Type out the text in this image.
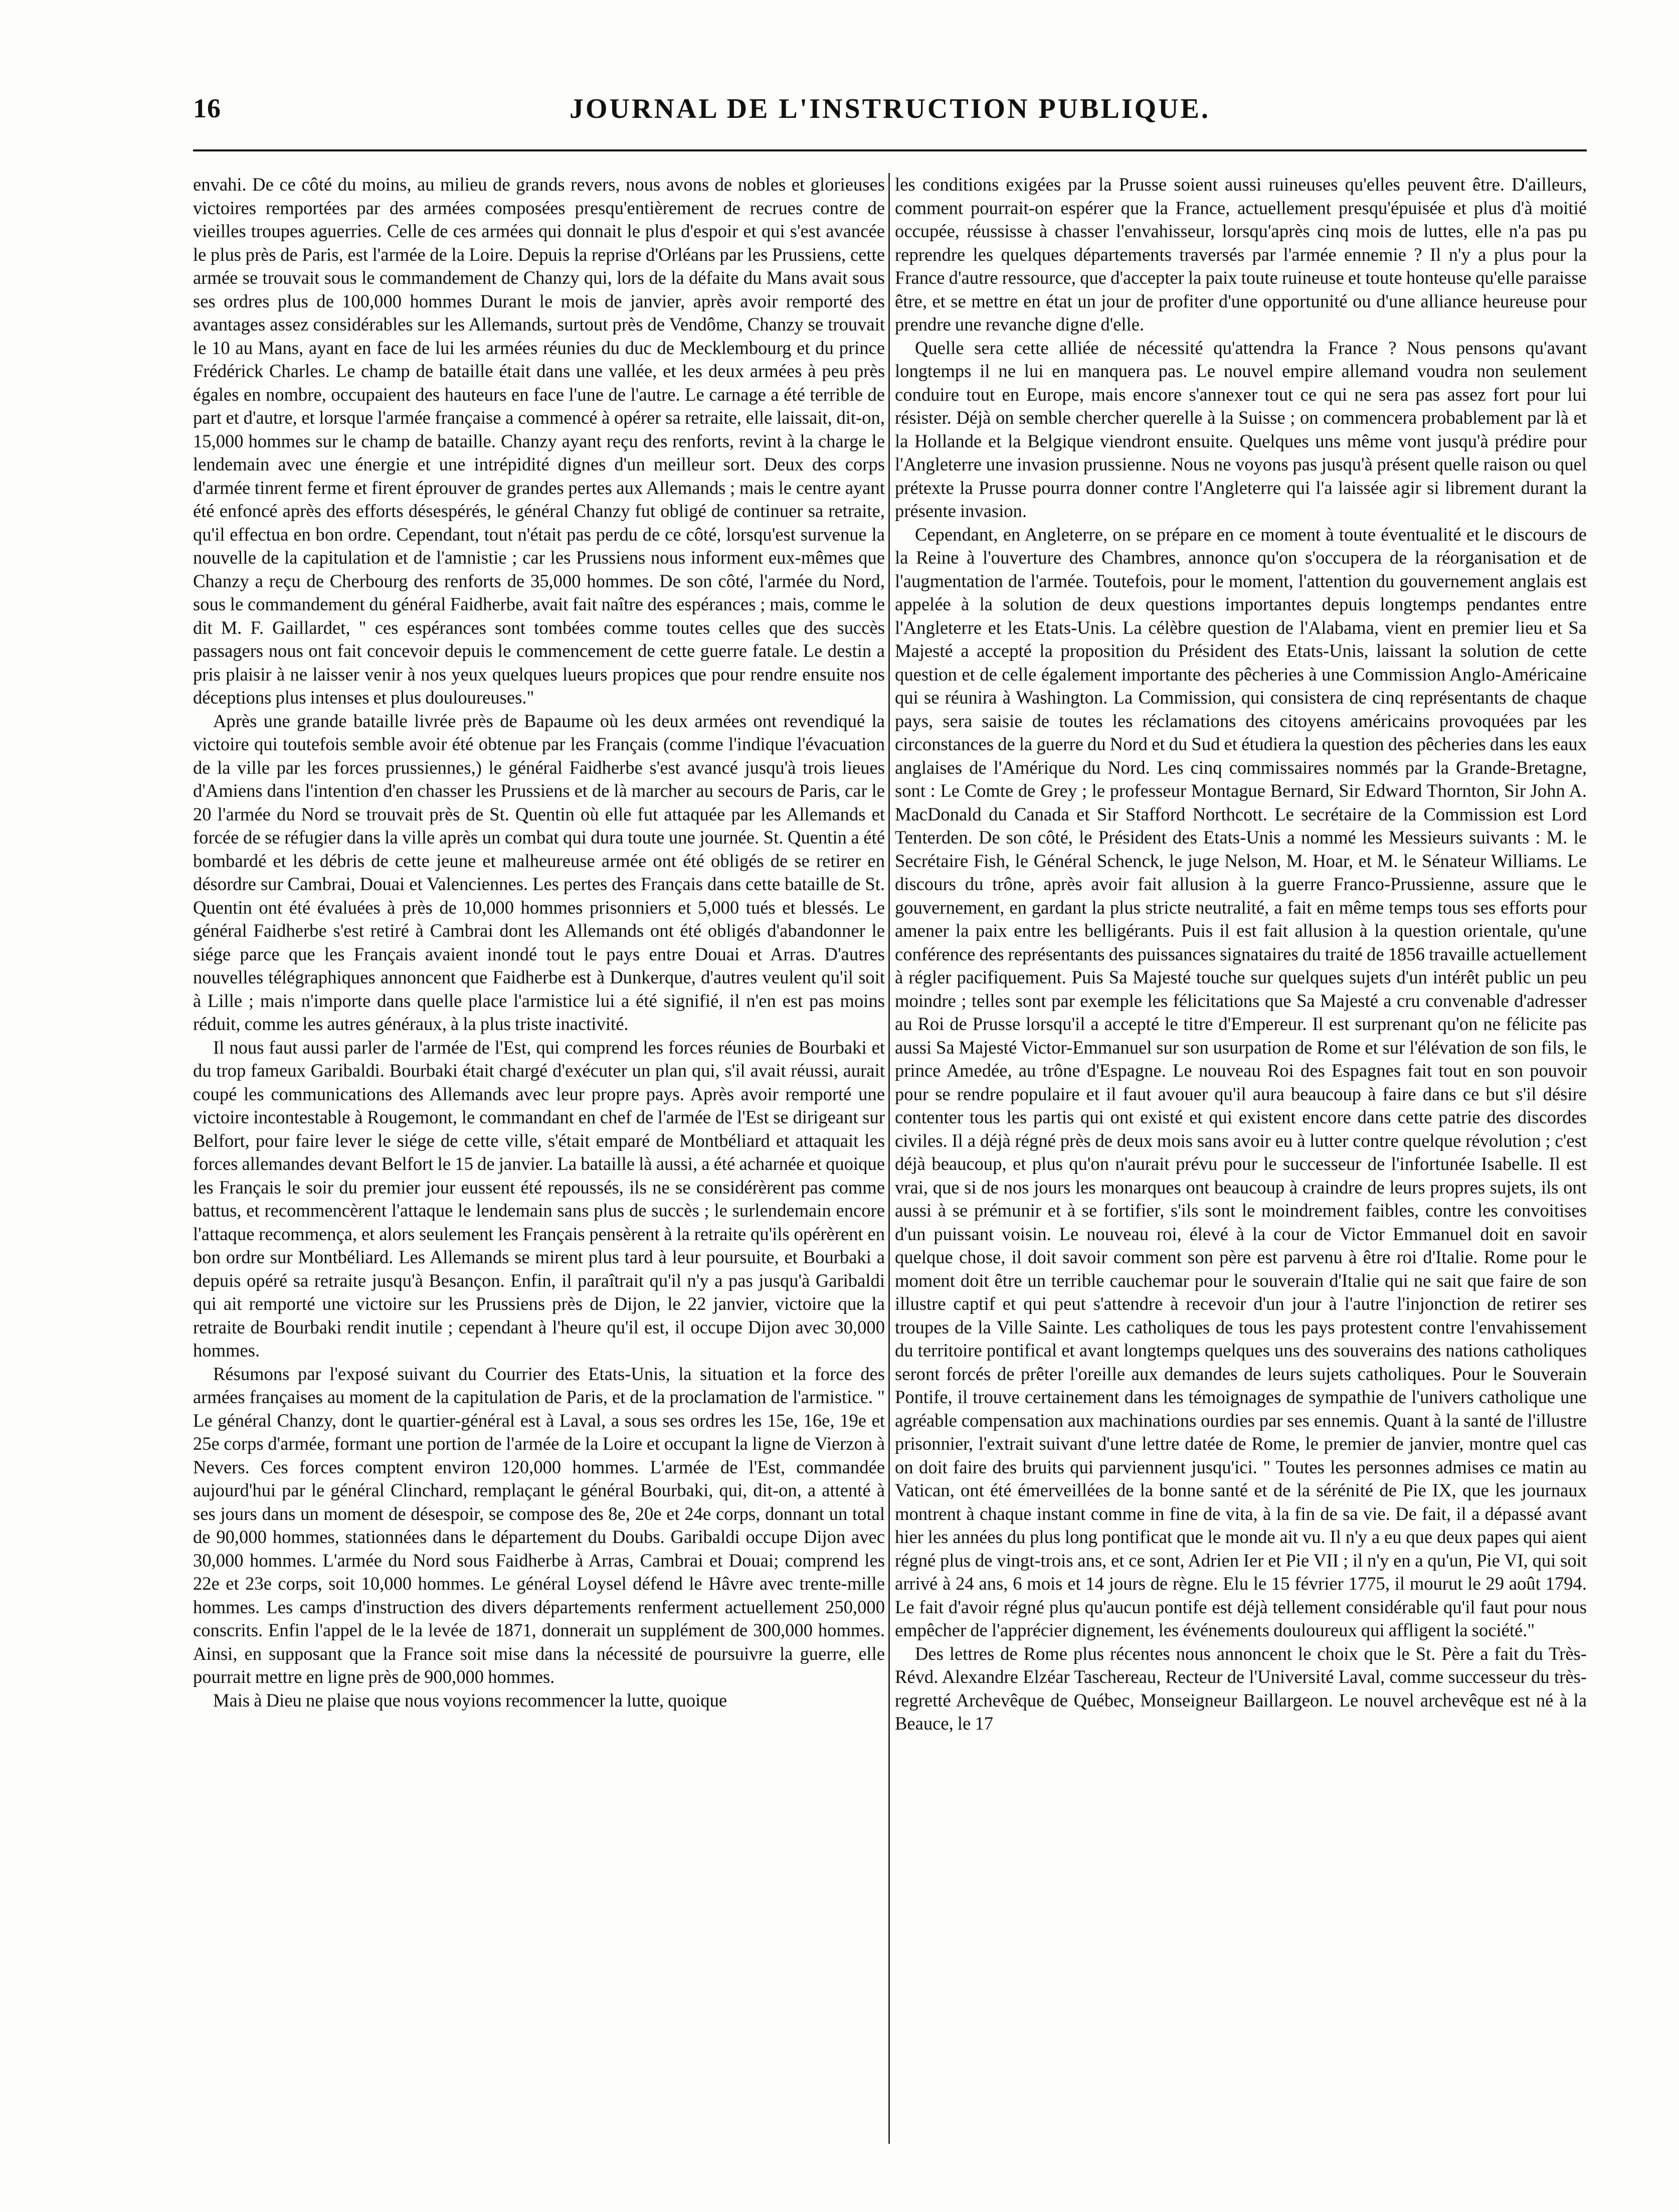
16	JOURNAL DE L'INSTRUCTION PUBLIQUE.

envahi. De ce côté du moins, au milieu de grands revers, nous avons de nobles et glorieuses victoires remportées par des armées composées presqu'entièrement de recrues contre de vieilles troupes aguerries. Celle de ces armées qui donnait le plus d'espoir et qui s'est avancée le plus près de Paris, est l'armée de la Loire. Depuis la reprise d'Orléans par les Prussiens, cette armée se trouvait sous le commandement de Chanzy qui, lors de la défaite du Mans avait sous ses ordres plus de 100,000 hommes Durant le mois de janvier, après avoir remporté des avantages assez considérables sur les Allemands, surtout près de Vendôme, Chanzy se trouvait le 10 au Mans, ayant en face de lui les armées réunies du duc de Mecklembourg et du prince Frédérick Charles. Le champ de bataille était dans une vallée, et les deux armées à peu près égales en nombre, occupaient des hauteurs en face l'une de l'autre. Le carnage a été terrible de part et d'autre, et lorsque l'armée française a commencé à opérer sa retraite, elle laissait, dit-on, 15,000 hommes sur le champ de bataille. Chanzy ayant reçu des renforts, revint à la charge le lendemain avec une énergie et une intrépidité dignes d'un meilleur sort. Deux des corps d'armée tinrent ferme et firent éprouver de grandes pertes aux Allemands ; mais le centre ayant été enfoncé après des efforts désespérés, le général Chanzy fut obligé de continuer sa retraite, qu'il effectua en bon ordre. Cependant, tout n'était pas perdu de ce côté, lorsqu'est survenue la nouvelle de la capitulation et de l'amnistie ; car les Prussiens nous informent eux-mêmes que Chanzy a reçu de Cherbourg des renforts de 35,000 hommes. De son côté, l'armée du Nord, sous le commandement du général Faidherbe, avait fait naître des espérances ; mais, comme le dit M. F. Gaillardet, " ces espérances sont tombées comme toutes celles que des succès passagers nous ont fait concevoir depuis le commencement de cette guerre fatale. Le destin a pris plaisir à ne laisser venir à nos yeux quelques lueurs propices que pour rendre ensuite nos déceptions plus intenses et plus douloureuses."

Après une grande bataille livrée près de Bapaume où les deux armées ont revendiqué la victoire qui toutefois semble avoir été obtenue par les Français (comme l'indique l'évacuation de la ville par les forces prussiennes,) le général Faidherbe s'est avancé jusqu'à trois lieues d'Amiens dans l'intention d'en chasser les Prussiens et de là marcher au secours de Paris, car le 20 l'armée du Nord se trouvait près de St. Quentin où elle fut attaquée par les Allemands et forcée de se réfugier dans la ville après un combat qui dura toute une journée. St. Quentin a été bombardé et les débris de cette jeune et malheureuse armée ont été obligés de se retirer en désordre sur Cambrai, Douai et Valenciennes. Les pertes des Français dans cette bataille de St. Quentin ont été évaluées à près de 10,000 hommes prisonniers et 5,000 tués et blessés. Le général Faidherbe s'est retiré à Cambrai dont les Allemands ont été obligés d'abandonner le siége parce que les Français avaient inondé tout le pays entre Douai et Arras. D'autres nouvelles télégraphiques annoncent que Faidherbe est à Dunkerque, d'autres veulent qu'il soit à Lille ; mais n'importe dans quelle place l'armistice lui a été signifié, il n'en est pas moins réduit, comme les autres généraux, à la plus triste inactivité.

Il nous faut aussi parler de l'armée de l'Est, qui comprend les forces réunies de Bourbaki et du trop fameux Garibaldi. Bourbaki était chargé d'exécuter un plan qui, s'il avait réussi, aurait coupé les communications des Allemands avec leur propre pays. Après avoir remporté une victoire incontestable à Rougemont, le commandant en chef de l'armée de l'Est se dirigeant sur Belfort, pour faire lever le siége de cette ville, s'était emparé de Montbéliard et attaquait les forces allemandes devant Belfort le 15 de janvier. La bataille là aussi, a été acharnée et quoique les Français le soir du premier jour eussent été repoussés, ils ne se considérèrent pas comme battus, et recommencèrent l'attaque le lendemain sans plus de succès ; le surlendemain encore l'attaque recommença, et alors seulement les Français pensèrent à la retraite qu'ils opérèrent en bon ordre sur Montbéliard. Les Allemands se mirent plus tard à leur poursuite, et Bourbaki a depuis opéré sa retraite jusqu'à Besançon. Enfin, il paraîtrait qu'il n'y a pas jusqu'à Garibaldi qui ait remporté une victoire sur les Prussiens près de Dijon, le 22 janvier, victoire que la retraite de Bourbaki rendit inutile ; cependant à l'heure qu'il est, il occupe Dijon avec 30,000 hommes.

Résumons par l'exposé suivant du Courrier des Etats-Unis, la situation et la force des armées françaises au moment de la capitulation de Paris, et de la proclamation de l'armistice. " Le général Chanzy, dont le quartier-général est à Laval, a sous ses ordres les 15e, 16e, 19e et 25e corps d'armée, formant une portion de l'armée de la Loire et occupant la ligne de Vierzon à Nevers. Ces forces comptent environ 120,000 hommes. L'armée de l'Est, commandée aujourd'hui par le général Clinchard, remplaçant le général Bourbaki, qui, dit-on, a attenté à ses jours dans un moment de désespoir, se compose des 8e, 20e et 24e corps, donnant un total de 90,000 hommes, stationnées dans le département du Doubs. Garibaldi occupe Dijon avec 30,000 hommes. L'armée du Nord sous Faidherbe à Arras, Cambrai et Douai; comprend les 22e et 23e corps, soit 10,000 hommes. Le général Loysel défend le Hâvre avec trente-mille hommes. Les camps d'instruction des divers départements renferment actuellement 250,000 conscrits. Enfin l'appel de le la levée de 1871, donnerait un supplément de 300,000 hommes. Ainsi, en supposant que la France soit mise dans la nécessité de poursuivre la guerre, elle pourrait mettre en ligne près de 900,000 hommes.

Mais à Dieu ne plaise que nous voyions recommencer la lutte, quoique

les conditions exigées par la Prusse soient aussi ruineuses qu'elles peuvent être. D'ailleurs, comment pourrait-on espérer que la France, actuellement presqu'épuisée et plus d'à moitié occupée, réussisse à chasser l'envahisseur, lorsqu'après cinq mois de luttes, elle n'a pas pu reprendre les quelques départements traversés par l'armée ennemie ? Il n'y a plus pour la France d'autre ressource, que d'accepter la paix toute ruineuse et toute honteuse qu'elle paraisse être, et se mettre en état un jour de profiter d'une opportunité ou d'une alliance heureuse pour prendre une revanche digne d'elle.

Quelle sera cette alliée de nécessité qu'attendra la France ? Nous pensons qu'avant longtemps il ne lui en manquera pas. Le nouvel empire allemand voudra non seulement conduire tout en Europe, mais encore s'annexer tout ce qui ne sera pas assez fort pour lui résister. Déjà on semble chercher querelle à la Suisse ; on commencera probablement par là et la Hollande et la Belgique viendront ensuite. Quelques uns même vont jusqu'à prédire pour l'Angleterre une invasion prussienne. Nous ne voyons pas jusqu'à présent quelle raison ou quel prétexte la Prusse pourra donner contre l'Angleterre qui l'a laissée agir si librement durant la présente invasion.

Cependant, en Angleterre, on se prépare en ce moment à toute éventualité et le discours de la Reine à l'ouverture des Chambres, annonce qu'on s'occupera de la réorganisation et de l'augmentation de l'armée. Toutefois, pour le moment, l'attention du gouvernement anglais est appelée à la solution de deux questions importantes depuis longtemps pendantes entre l'Angleterre et les Etats-Unis. La célèbre question de l'Alabama, vient en premier lieu et Sa Majesté a accepté la proposition du Président des Etats-Unis, laissant la solution de cette question et de celle également importante des pêcheries à une Commission Anglo-Américaine qui se réunira à Washington. La Commission, qui consistera de cinq représentants de chaque pays, sera saisie de toutes les réclamations des citoyens américains provoquées par les circonstances de la guerre du Nord et du Sud et étudiera la question des pêcheries dans les eaux anglaises de l'Amérique du Nord. Les cinq commissaires nommés par la Grande-Bretagne, sont : Le Comte de Grey ; le professeur Montague Bernard, Sir Edward Thornton, Sir John A. MacDonald du Canada et Sir Stafford Northcott. Le secrétaire de la Commission est Lord Tenterden. De son côté, le Président des Etats-Unis a nommé les Messieurs suivants : M. le Secrétaire Fish, le Général Schenck, le juge Nelson, M. Hoar, et M. le Sénateur Williams. Le discours du trône, après avoir fait allusion à la guerre Franco-Prussienne, assure que le gouvernement, en gardant la plus stricte neutralité, a fait en même temps tous ses efforts pour amener la paix entre les belligérants. Puis il est fait allusion à la question orientale, qu'une conférence des représentants des puissances signataires du traité de 1856 travaille actuellement à régler pacifiquement. Puis Sa Majesté touche sur quelques sujets d'un intérêt public un peu moindre ; telles sont par exemple les félicitations que Sa Majesté a cru convenable d'adresser au Roi de Prusse lorsqu'il a accepté le titre d'Empereur. Il est surprenant qu'on ne félicite pas aussi Sa Majesté Victor-Emmanuel sur son usurpation de Rome et sur l'élévation de son fils, le prince Amedée, au trône d'Espagne. Le nouveau Roi des Espagnes fait tout en son pouvoir pour se rendre populaire et il faut avouer qu'il aura beaucoup à faire dans ce but s'il désire contenter tous les partis qui ont existé et qui existent encore dans cette patrie des discordes civiles. Il a déjà régné près de deux mois sans avoir eu à lutter contre quelque révolution ; c'est déjà beaucoup, et plus qu'on n'aurait prévu pour le successeur de l'infortunée Isabelle. Il est vrai, que si de nos jours les monarques ont beaucoup à craindre de leurs propres sujets, ils ont aussi à se prémunir et à se fortifier, s'ils sont le moindrement faibles, contre les convoitises d'un puissant voisin. Le nouveau roi, élevé à la cour de Victor Emmanuel doit en savoir quelque chose, il doit savoir comment son père est parvenu à être roi d'Italie. Rome pour le moment doit être un terrible cauchemar pour le souverain d'Italie qui ne sait que faire de son illustre captif et qui peut s'attendre à recevoir d'un jour à l'autre l'injonction de retirer ses troupes de la Ville Sainte. Les catholiques de tous les pays protestent contre l'envahissement du territoire pontifical et avant longtemps quelques uns des souverains des nations catholiques seront forcés de prêter l'oreille aux demandes de leurs sujets catholiques. Pour le Souverain Pontife, il trouve certainement dans les témoignages de sympathie de l'univers catholique une agréable compensation aux machinations ourdies par ses ennemis. Quant à la santé de l'illustre prisonnier, l'extrait suivant d'une lettre datée de Rome, le premier de janvier, montre quel cas on doit faire des bruits qui parviennent jusqu'ici. " Toutes les personnes admises ce matin au Vatican, ont été émerveillées de la bonne santé et de la sérénité de Pie IX, que les journaux montrent à chaque instant comme in fine de vita, à la fin de sa vie. De fait, il a dépassé avant hier les années du plus long pontificat que le monde ait vu. Il n'y a eu que deux papes qui aient régné plus de vingt-trois ans, et ce sont, Adrien Ier et Pie VII ; il n'y en a qu'un, Pie VI, qui soit arrivé à 24 ans, 6 mois et 14 jours de règne. Elu le 15 février 1775, il mourut le 29 août 1794. Le fait d'avoir régné plus qu'aucun pontife est déjà tellement considérable qu'il faut pour nous empêcher de l'apprécier dignement, les événements douloureux qui affligent la société."

Des lettres de Rome plus récentes nous annoncent le choix que le St. Père a fait du Très-Révd. Alexandre Elzéar Taschereau, Recteur de l'Université Laval, comme successeur du très-regretté Archevêque de Québec, Monseigneur Baillargeon. Le nouvel archevêque est né à la Beauce, le 17
